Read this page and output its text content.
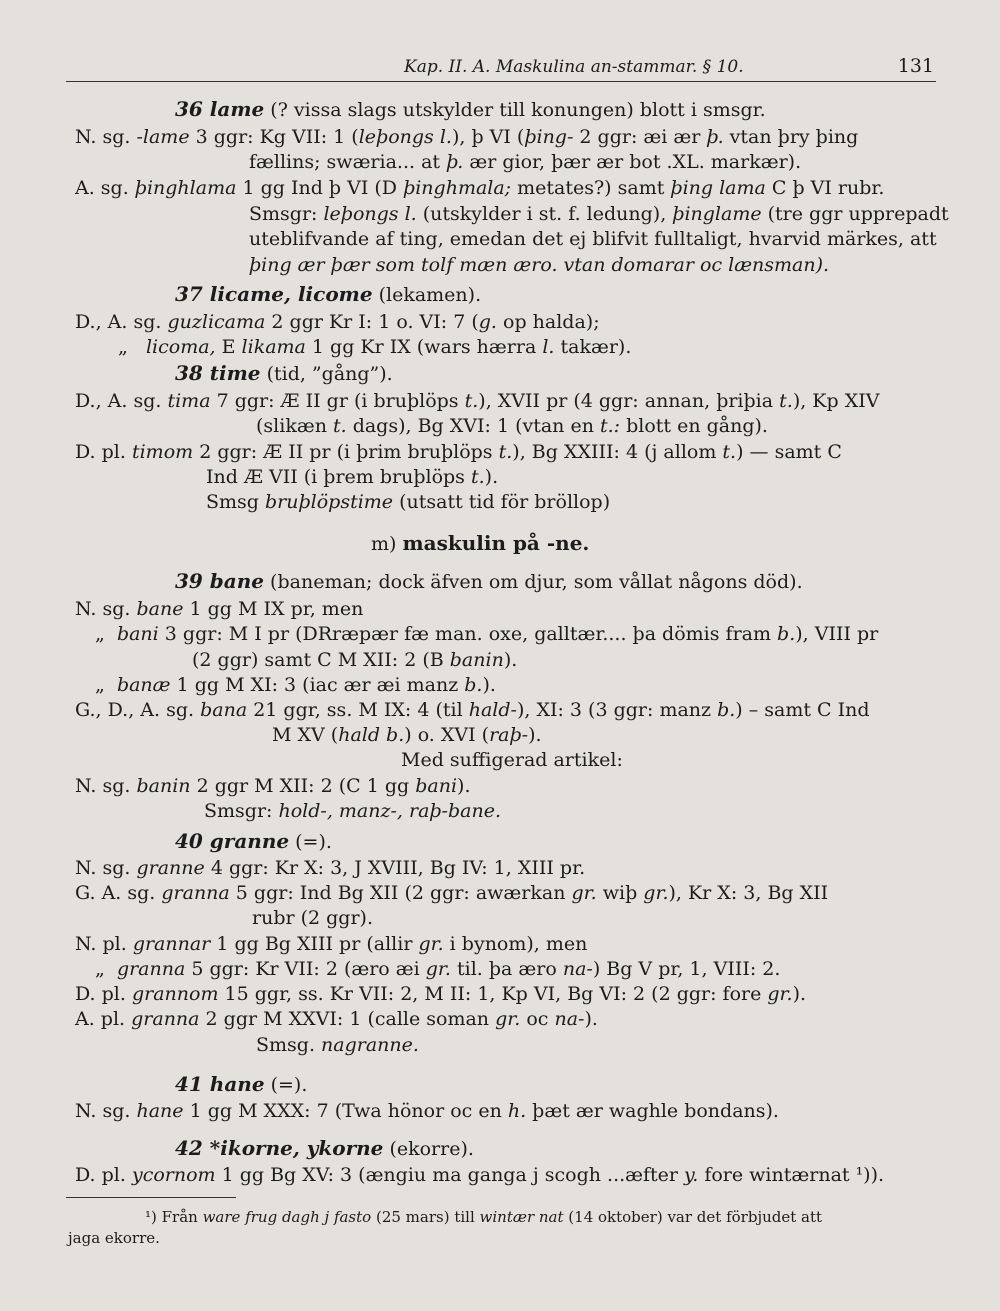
Kap. II. A. Maskulina an-stammar. § 10.	131
36 lame (? vissa slags utskylder till konungen) blott i smsgr.
N. sg. -lame 3 ggr: Kg VII: 1 (leþongs l.), þ VI (þing- 2 ggr: æi ær þ. vtan þry þing
fællins; swæria... at þ. ær gior, þær ær bot .XL. markær).
A. sg. þinghlama 1 gg Ind þ VI (D þinghmala; metates?) samt þing lama C þ VI rubr.
Smsgr: leþongs l. (utskylder i st. f. ledung), þinglame (tre ggr upprepadt
uteblifvande af ting, emedan det ej blifvit fulltaligt, hvarvid märkes, att
þing ær þær som tolf mæn æro. vtan domarar oc lænsman).
37 licame, licome (lekamen).
D., A. sg. guzlicama 2 ggr Kr I: 1 o. VI: 7 (g. op halda);
„   licoma, E likama 1 gg Kr IX (wars hærra l. takær).
38 time (tid, ”gång”).
D., A. sg. tima 7 ggr: Æ II gr (i bruþlöps t.), XVII pr (4 ggr: annan, þriþia t.), Kp XIV
(slikæn t. dags), Bg XVI: 1 (vtan en t.: blott en gång).
D. pl. timom 2 ggr: Æ II pr (i þrim bruþlöps t.), Bg XXIII: 4 (j allom t.) — samt C
Ind Æ VII (i þrem bruþlöps t.).
Smsg bruþlöpstime (utsatt tid för bröllop)
m) maskulin på -ne.
39 bane (baneman; dock äfven om djur, som vållat någons död).
N. sg. bane 1 gg M IX pr, men
„  bani 3 ggr: M I pr (DRræpær fæ man. oxe, galltær.... þa dömis fram b.), VIII pr
(2 ggr) samt C M XII: 2 (B banin).
„  banæ 1 gg M XI: 3 (iac ær æi manz b.).
G., D., A. sg. bana 21 ggr, ss. M IX: 4 (til hald-), XI: 3 (3 ggr: manz b.) – samt C Ind
M XV (hald b.) o. XVI (raþ-).
Med suffigerad artikel:
N. sg. banin 2 ggr M XII: 2 (C 1 gg bani).
Smsgr: hold-, manz-, raþ-bane.
40 granne (=).
N. sg. granne 4 ggr: Kr X: 3, J XVIII, Bg IV: 1, XIII pr.
G. A. sg. granna 5 ggr: Ind Bg XII (2 ggr: awærkan gr. wiþ gr.), Kr X: 3, Bg XII
rubr (2 ggr).
N. pl. grannar 1 gg Bg XIII pr (allir gr. i bynom), men
„  granna 5 ggr: Kr VII: 2 (æro æi gr. til. þa æro na-) Bg V pr, 1, VIII: 2.
D. pl. grannom 15 ggr, ss. Kr VII: 2, M II: 1, Kp VI, Bg VI: 2 (2 ggr: fore gr.).
A. pl. granna 2 ggr M XXVI: 1 (calle soman gr. oc na-).
Smsg. nagranne.
41 hane (=).
N. sg. hane 1 gg M XXX: 7 (Twa hönor oc en h. þæt ær waghle bondans).
42 *ikorne, ykorne (ekorre).
D. pl. ycornom 1 gg Bg XV: 3 (ængiu ma ganga j scogh ...æfter y. fore wintærnat ¹)).
¹) Från ware frug dagh j fasto (25 mars) till wintær nat (14 oktober) var det förbjudet att
jaga ekorre.
